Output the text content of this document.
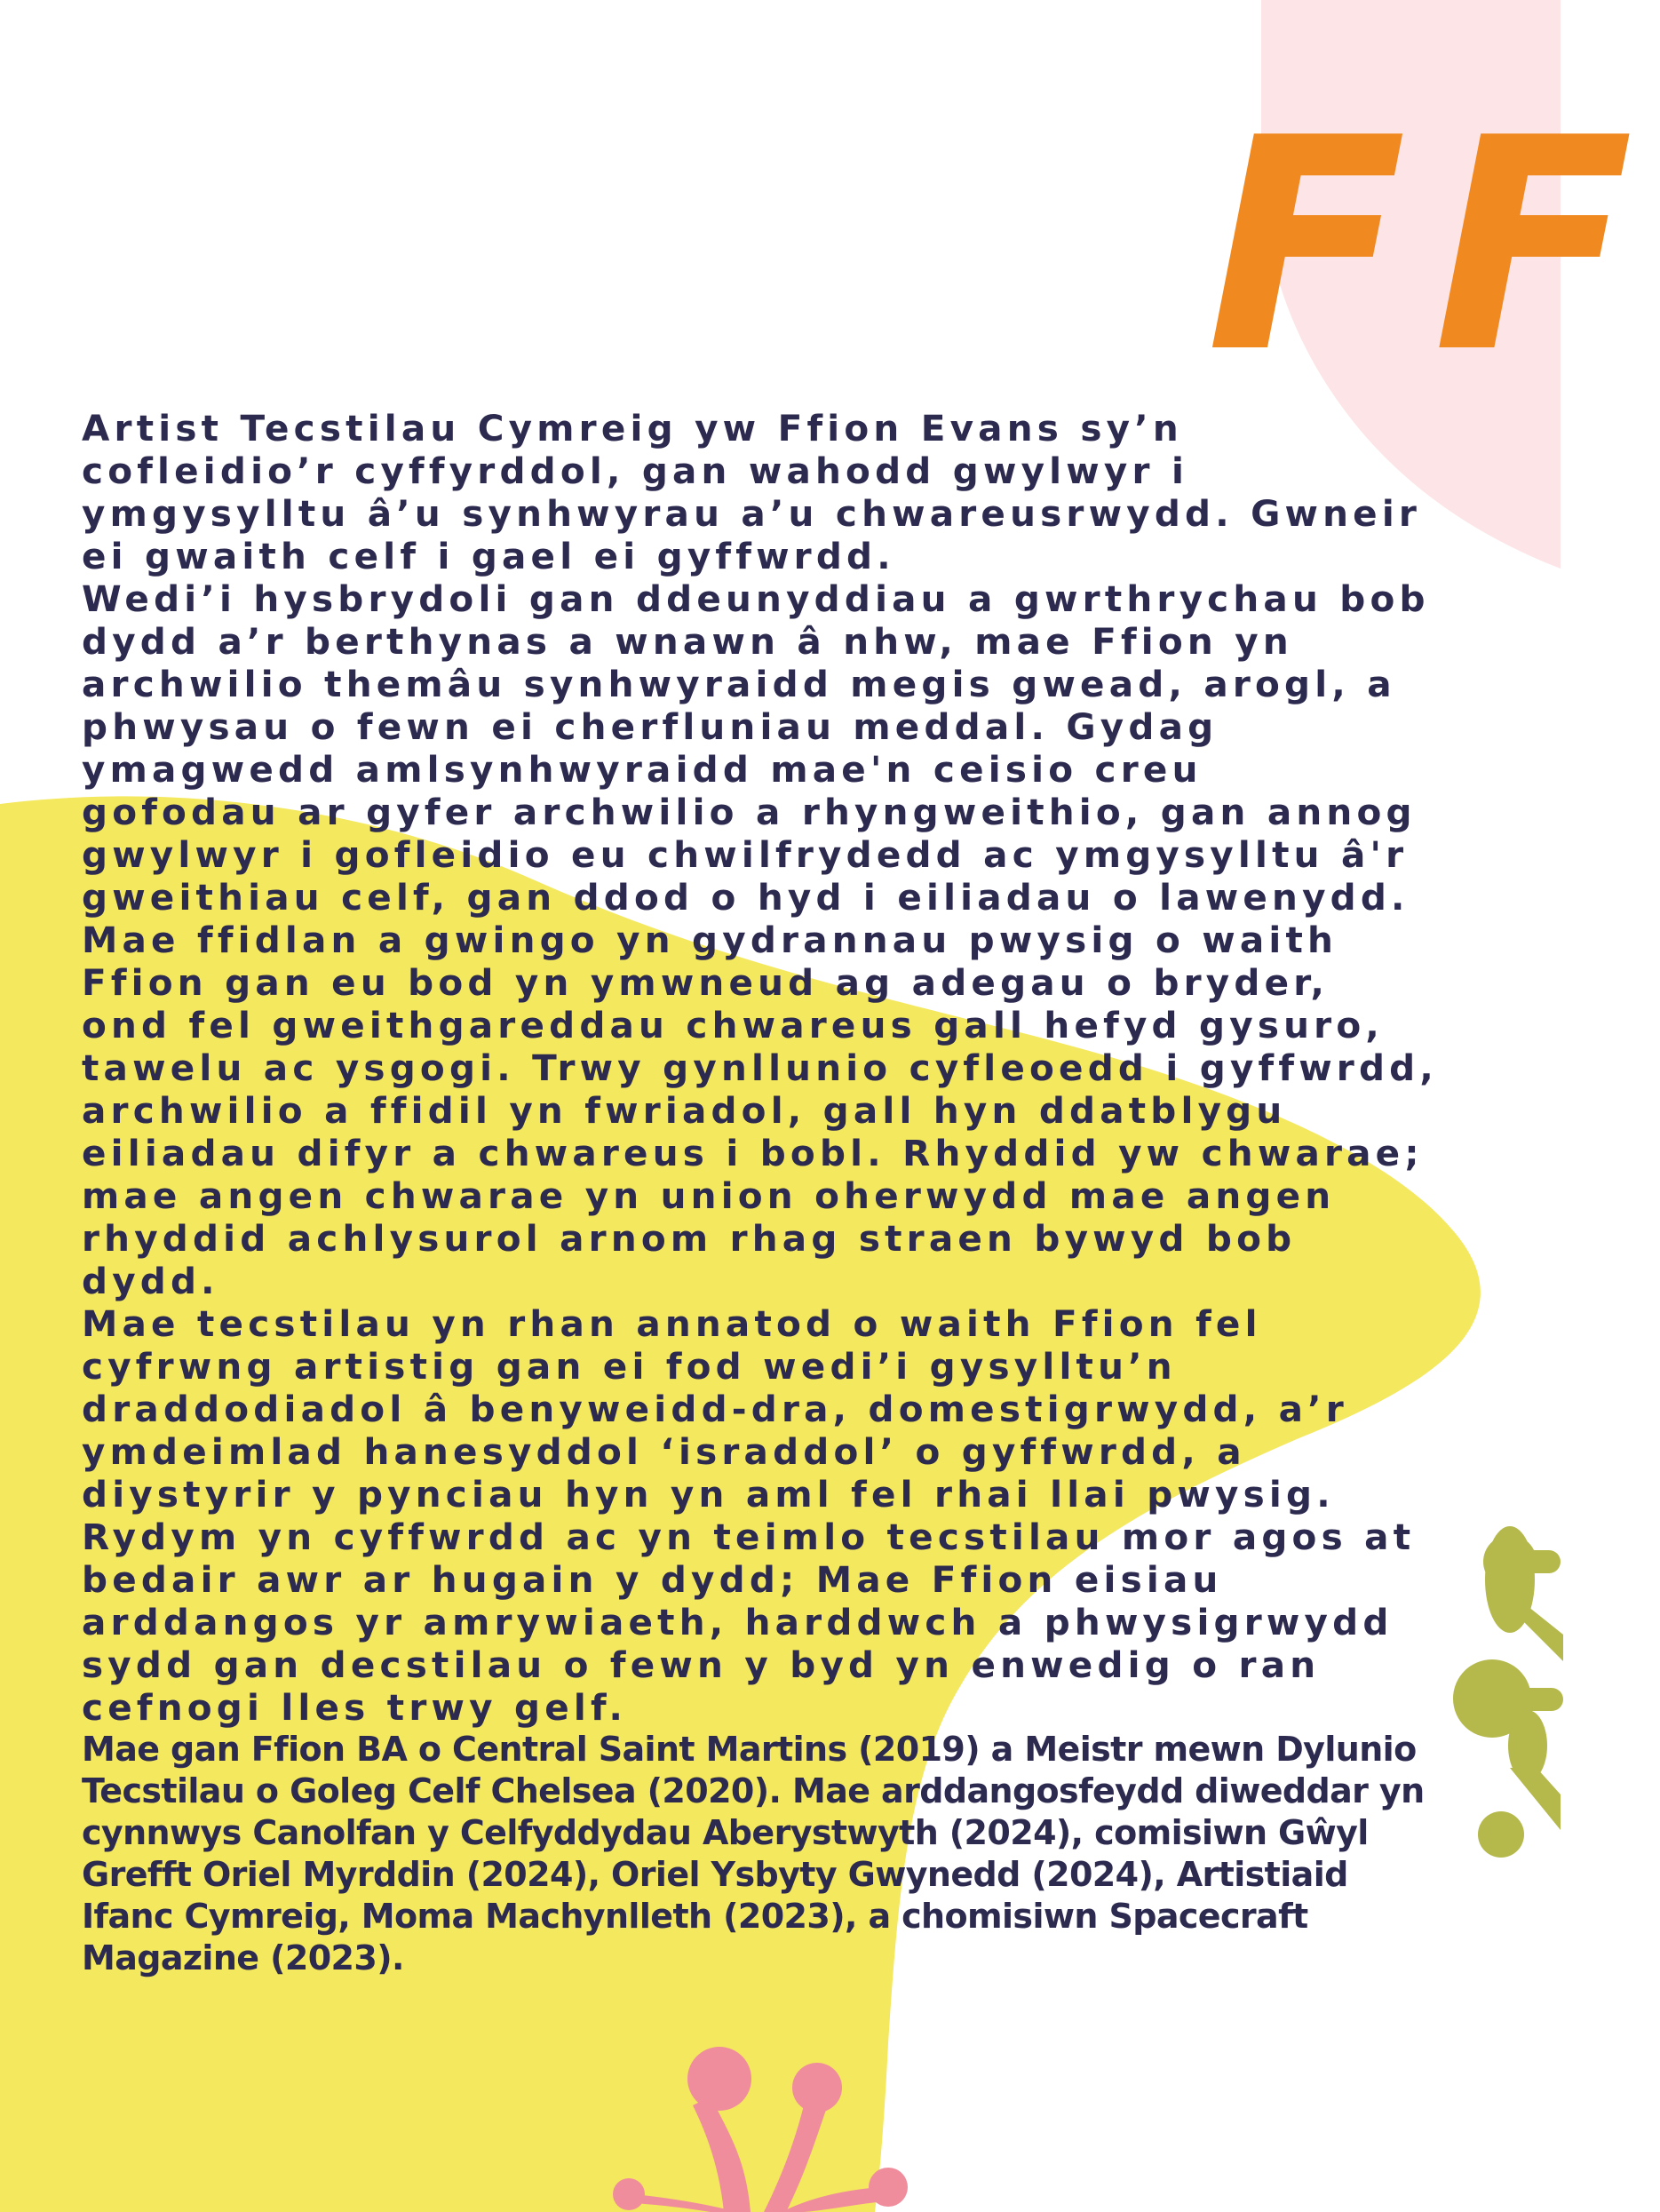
FF

Artist Tecstilau Cymreig yw Ffion Evans sy’n
cofleidio’r cyffyrddol, gan wahodd gwylwyr i
ymgysylltu â’u synhwyrau a’u chwareusrwydd. Gwneir
ei gwaith celf i gael ei gyffwrdd.

Wedi’i hysbrydoli gan ddeunyddiau a gwrthrychau bob
dydd a’r berthynas a wnawn â nhw, mae Ffion yn
archwilio themâu synhwyraidd megis gwead, arogl, a
phwysau o fewn ei cherfluniau meddal. Gydag
ymagwedd amlsynhwyraidd mae'n ceisio creu
gofodau ar gyfer archwilio a rhyngweithio, gan annog
gwylwyr i gofleidio eu chwilfrydedd ac ymgysylltu â'r
gweithiau celf, gan ddod o hyd i eiliadau o lawenydd.
Mae ffidlan a gwingo yn gydrannau pwysig o waith
Ffion gan eu bod yn ymwneud ag adegau o bryder,
ond fel gweithgareddau chwareus gall hefyd gysuro,
tawelu ac ysgogi. Trwy gynllunio cyfleoedd i gyffwrdd,
archwilio a ffidil yn fwriadol, gall hyn ddatblygu
eiliadau difyr a chwareus i bobl. Rhyddid yw chwarae;
mae angen chwarae yn union oherwydd mae angen
rhyddid achlysurol arnom rhag straen bywyd bob
dydd.

Mae tecstilau yn rhan annatod o waith Ffion fel
cyfrwng artistig gan ei fod wedi’i gysylltu’n
draddodiadol â benyweidd-dra, domestigrwydd, a’r
ymdeimlad hanesyddol ‘israddol’ o gyffwrdd, a
diystyrir y pynciau hyn yn aml fel rhai llai pwysig.
Rydym yn cyffwrdd ac yn teimlo tecstilau mor agos at
bedair awr ar hugain y dydd; Mae Ffion eisiau
arddangos yr amrywiaeth, harddwch a phwysigrwydd
sydd gan decstilau o fewn y byd yn enwedig o ran
cefnogi lles trwy gelf.

Mae gan Ffion BA o Central Saint Martins (2019) a Meistr mewn Dylunio
Tecstilau o Goleg Celf Chelsea (2020). Mae arddangosfeydd diweddar yn
cynnwys Canolfan y Celfyddydau Aberystwyth (2024), comisiwn Gŵyl
Grefft Oriel Myrddin (2024), Oriel Ysbyty Gwynedd (2024), Artistiaid
Ifanc Cymreig, Moma Machynlleth (2023), a chomisiwn Spacecraft
Magazine (2023).
